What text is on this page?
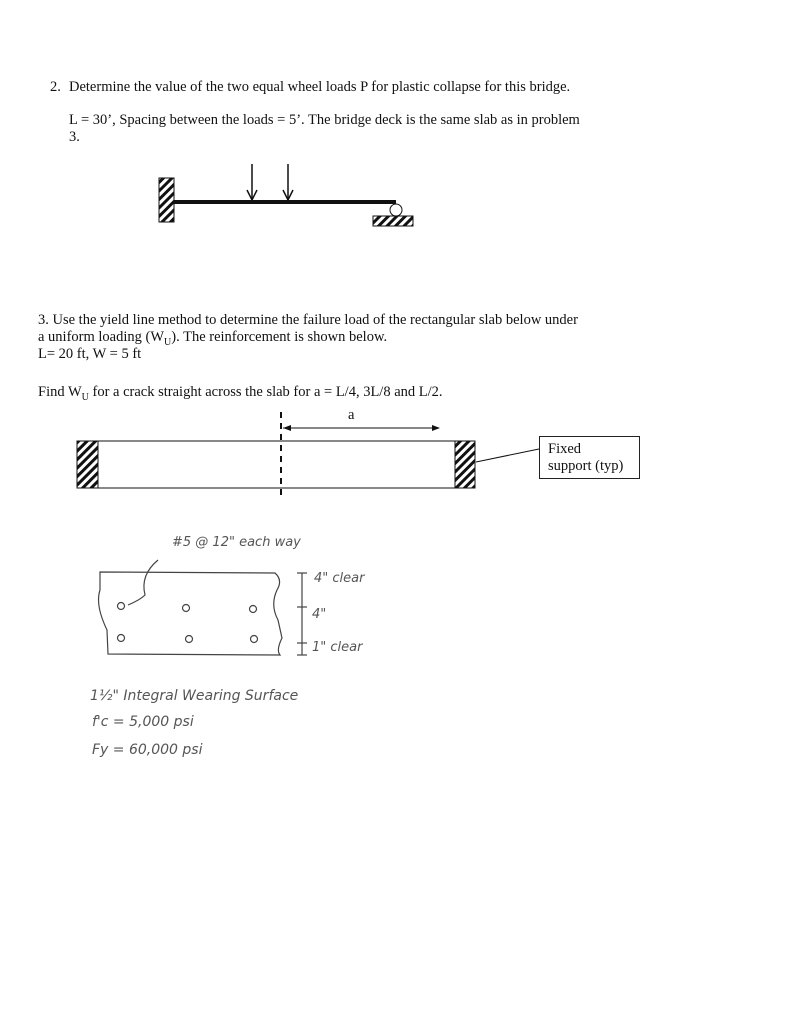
2. Determine the value of the two equal wheel loads P for plastic collapse for this bridge.
L = 30’, Spacing between the loads = 5’. The bridge deck is the same slab as in problem
3.
3. Use the yield line method to determine the failure load of the rectangular slab below under
a uniform loading $(W_U)$. The reinforcement is shown below.
L= 20 ft, W = 5 ft
Find $W_U$ for a crack straight across the slab for a = L/4, 3L/8 and L/2.
a
Fixed
support (typ)
#5 @ 12" each way
4" clear
4"
1" clear
1½" Integral Wearing Surface
f'c = 5,000 psi
Fy = 60,000 psi
